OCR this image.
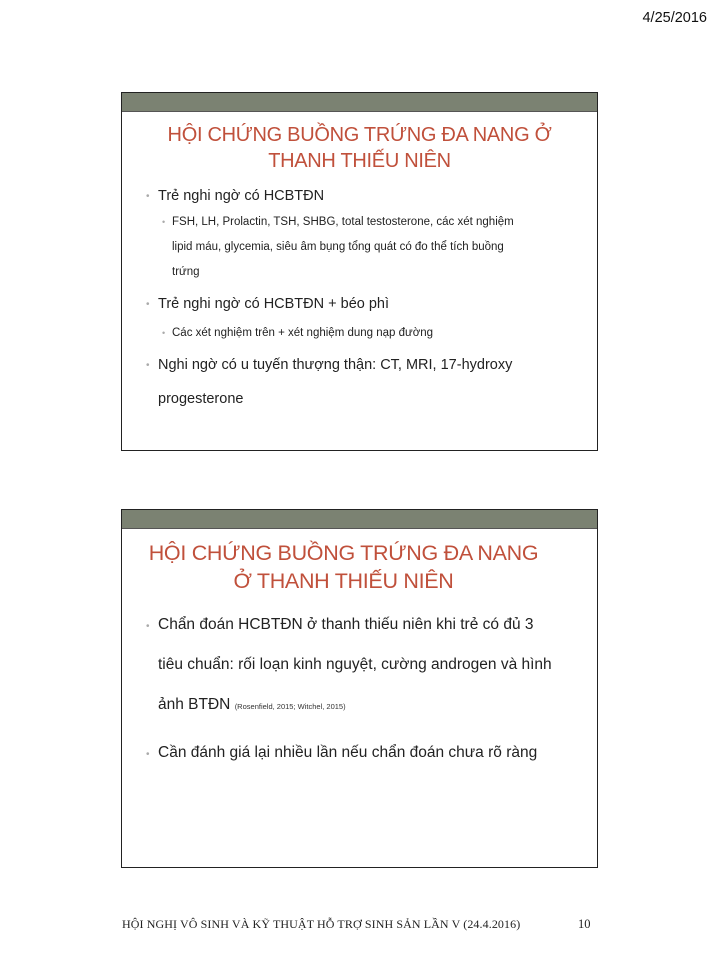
4/25/2016
HỘI CHỨNG BUỒNG TRỨNG ĐA NANG Ở
THANH THIẾU NIÊN
• Trẻ nghi ngờ có HCBTĐN
• FSH, LH, Prolactin, TSH, SHBG, total testosterone, các xét nghiệm
lipid máu, glycemia, siêu âm bụng tổng quát có đo thể tích buồng
trứng
• Trẻ nghi ngờ có HCBTĐN + béo phì
• Các xét nghiệm trên + xét nghiệm dung nạp đường
• Nghi ngờ có u tuyến thượng thận: CT, MRI, 17-hydroxy
progesterone
HỘI CHỨNG BUỒNG TRỨNG ĐA NANG
Ở THANH THIẾU NIÊN
• Chẩn đoán HCBTĐN ở thanh thiếu niên khi trẻ có đủ 3
tiêu chuẩn: rối loạn kinh nguyệt, cường androgen và hình
ảnh BTĐN (Rosenfield, 2015; Witchel, 2015)
• Cần đánh giá lại nhiều lần nếu chẩn đoán chưa rõ ràng
HỘI NGHỊ VÔ SINH VÀ KỸ THUẬT HỖ TRỢ SINH SẢN LẦN V (24.4.2016)	10
